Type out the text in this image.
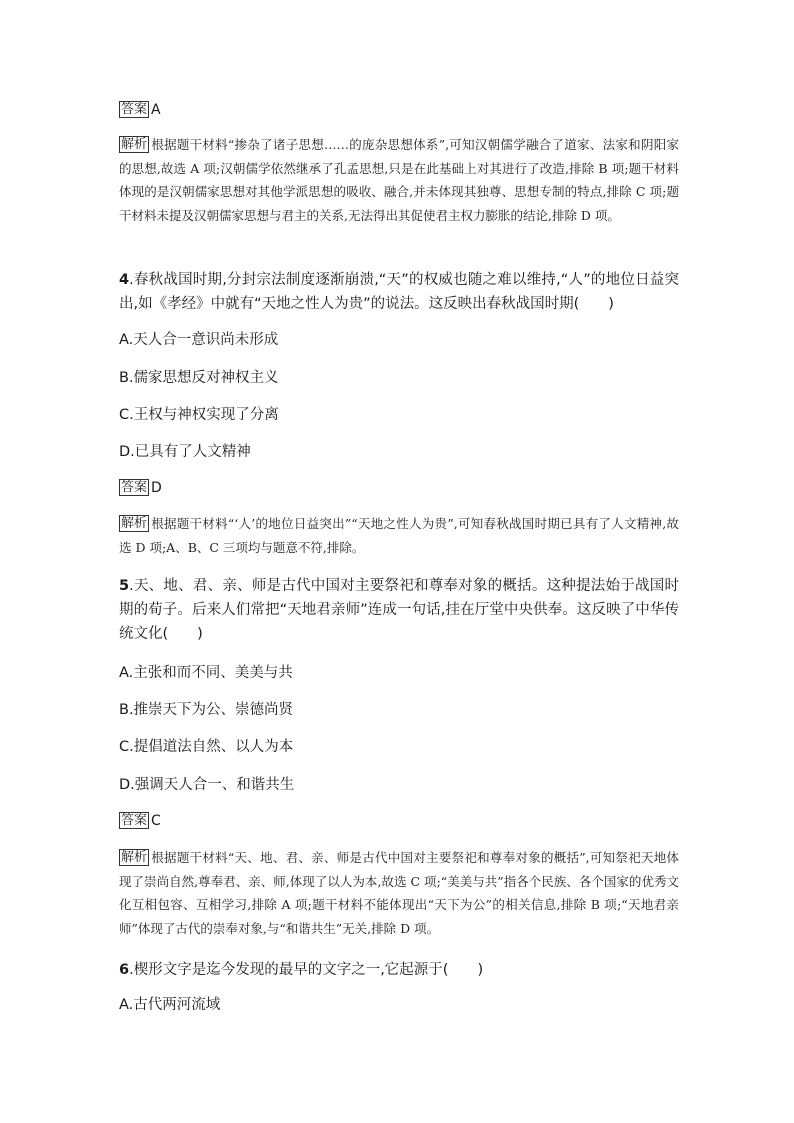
答案 A
解析 根据题干材料“掺杂了诸子思想……的庞杂思想体系”,可知汉朝儒学融合了道家、法家和阴阳家的思想,故选 A 项;汉朝儒学依然继承了孔孟思想,只是在此基础上对其进行了改造,排除 B 项;题干材料体现的是汉朝儒家思想对其他学派思想的吸收、融合,并未体现其独尊、思想专制的特点,排除 C 项;题干材料未提及汉朝儒家思想与君主的关系,无法得出其促使君主权力膨胀的结论,排除 D 项。
4.春秋战国时期,分封宗法制度逐渐崩溃,“天”的权威也随之难以维持,“人”的地位日益突出,如《孝经》中就有“天地之性人为贵”的说法。这反映出春秋战国时期(　　)
A.天人合一意识尚未形成
B.儒家思想反对神权主义
C.王权与神权实现了分离
D.已具有了人文精神
答案 D
解析 根据题干材料“‘人’的地位日益突出”“天地之性人为贵”,可知春秋战国时期已具有了人文精神,故选 D 项;A、B、C 三项均与题意不符,排除。
5.天、地、君、亲、师是古代中国对主要祭祀和尊奉对象的概括。这种提法始于战国时期的荀子。后来人们常把“天地君亲师”连成一句话,挂在厅堂中央供奉。这反映了中华传统文化(　　)
A.主张和而不同、美美与共
B.推崇天下为公、崇德尚贤
C.提倡道法自然、以人为本
D.强调天人合一、和谐共生
答案 C
解析 根据题干材料“天、地、君、亲、师是古代中国对主要祭祀和尊奉对象的概括”,可知祭祀天地体现了崇尚自然,尊奉君、亲、师,体现了以人为本,故选 C 项;“美美与共”指各个民族、各个国家的优秀文化互相包容、互相学习,排除 A 项;题干材料不能体现出“天下为公”的相关信息,排除 B 项;“天地君亲师”体现了古代的崇奉对象,与“和谐共生”无关,排除 D 项。
6.楔形文字是迄今发现的最早的文字之一,它起源于(　　)
A.古代两河流域
